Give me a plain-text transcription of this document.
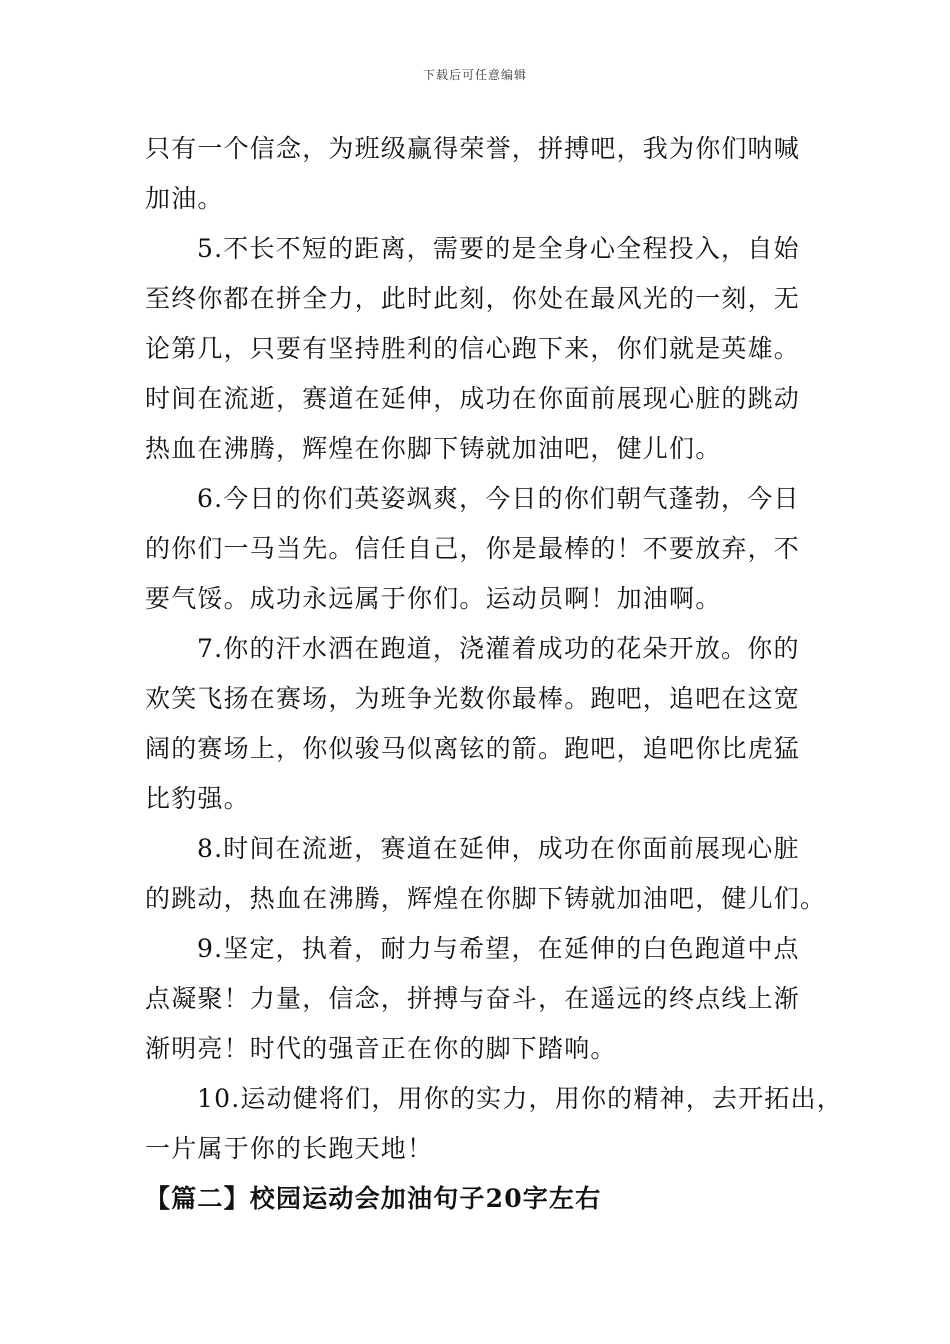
下载后可任意编辑

只有一个信念，为班级赢得荣誉，拼搏吧，我为你们呐喊
加油。

5.不长不短的距离，需要的是全身心全程投入，自始
至终你都在拼全力，此时此刻，你处在最风光的一刻，无
论第几，只要有坚持胜利的信心跑下来，你们就是英雄。
时间在流逝，赛道在延伸，成功在你面前展现心脏的跳动
热血在沸腾，辉煌在你脚下铸就加油吧，健儿们。

6.今日的你们英姿飒爽，今日的你们朝气蓬勃，今日
的你们一马当先。信任自己，你是最棒的！不要放弃，不
要气馁。成功永远属于你们。运动员啊！加油啊。

7.你的汗水洒在跑道，浇灌着成功的花朵开放。你的
欢笑飞扬在赛场，为班争光数你最棒。跑吧，追吧在这宽
阔的赛场上，你似骏马似离铉的箭。跑吧，追吧你比虎猛
比豹强。

8.时间在流逝，赛道在延伸，成功在你面前展现心脏
的跳动，热血在沸腾，辉煌在你脚下铸就加油吧，健儿们。

9.坚定，执着，耐力与希望，在延伸的白色跑道中点
点凝聚！力量，信念，拼搏与奋斗，在遥远的终点线上渐
渐明亮！时代的强音正在你的脚下踏响。

10.运动健将们，用你的实力，用你的精神，去开拓出，
一片属于你的长跑天地！

【篇二】校园运动会加油句子20字左右
